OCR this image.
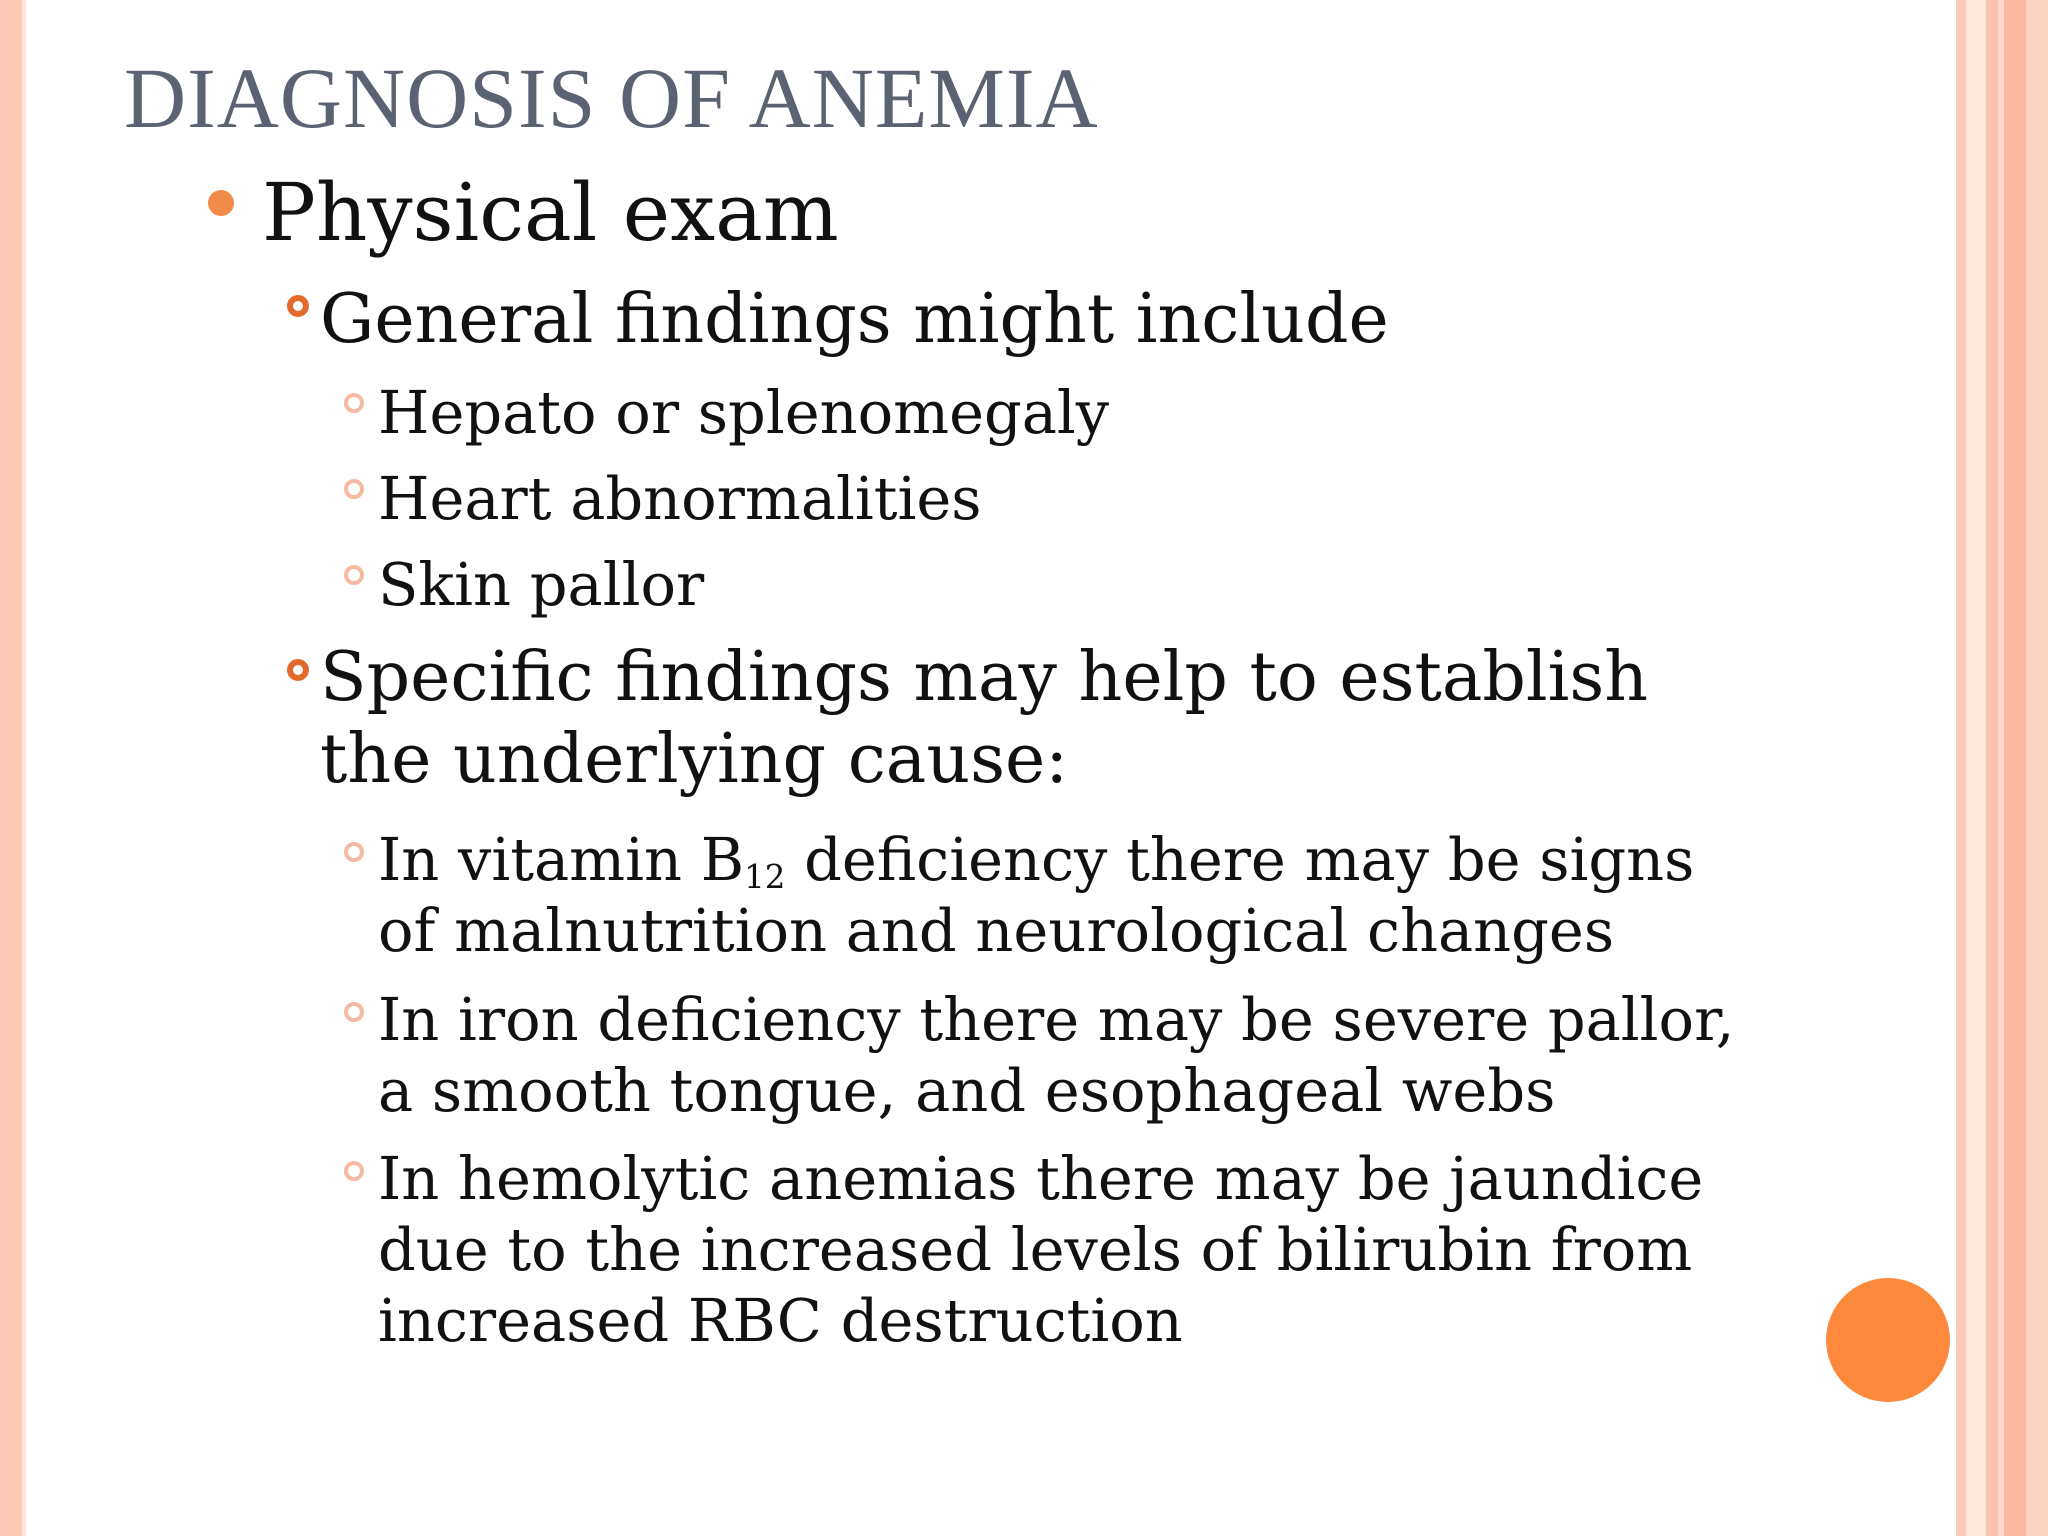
DIAGNOSIS OF ANEMIA
Physical exam
General findings might include
Hepato or splenomegaly
Heart abnormalities
Skin pallor
Specific findings may help to establish
the underlying cause:
In vitamin $B_{12}$ deficiency there may be signs
of malnutrition and neurological changes
In iron deficiency there may be severe pallor,
a smooth tongue, and esophageal webs
In hemolytic anemias there may be jaundice
due to the increased levels of bilirubin from
increased RBC destruction
